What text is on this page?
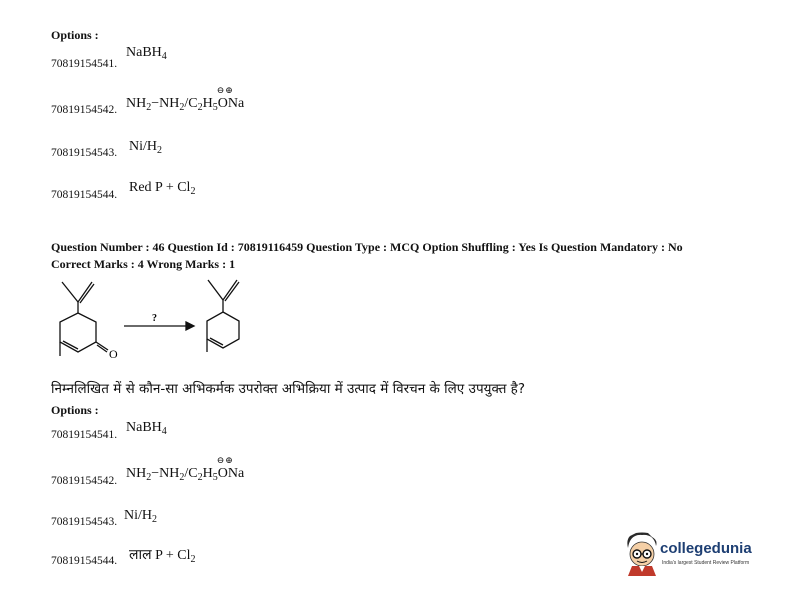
Options :
70819154541.
NaBH$_4$
70819154542. $NH_2-NH_2/C_2H_5$
⊖⊕
ONa
70819154543. $Ni/H_2$
70819154544. Red $P + Cl_2$
Question Number : 46 Question Id : 70819116459 Question Type : MCQ Option Shuffling : Yes Is Question Mandatory : No
Correct Marks : 4 Wrong Marks : 1
?
O
निम्नलिखित में से कौन-सा अभिकर्मक उपरोक्त अभिक्रिया में उत्पाद में विरचन के लिए उपयुक्त है?
Options :
70819154541. NaBH$_4$
70819154542. $NH_2-NH_2/C_2H_5$
⊖⊕
ONa
70819154543. $Ni/H_2$
70819154544. लाल $P + Cl_2$
collegedunia
India's largest Student Review Platform
